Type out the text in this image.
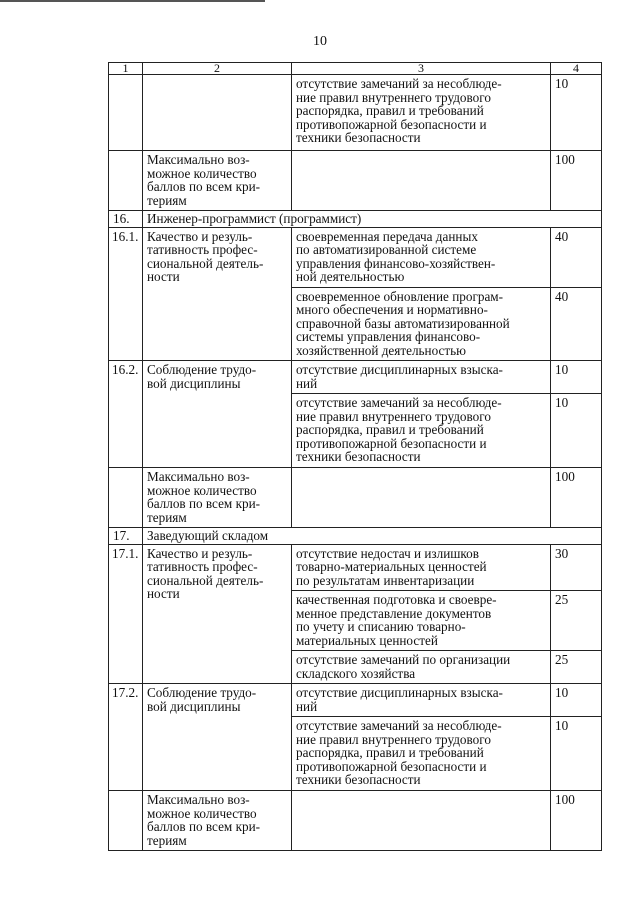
10
1	2	3	4
		отсутствие замечаний за несоблюде-
ние правил внутреннего трудового
распорядка, правил и требований
противопожарной безопасности и
техники безопасности	10
	Максимально воз-
можное количество
баллов по всем кри-
териям		100
16.	Инженер-программист (программист)		
16.1.	Качество и резуль-
тативность профес-
сиональной деятель-
ности	своевременная передача данных
по автоматизированной системе
управления финансово-хозяйствен-
ной деятельностью	40
		своевременное обновление програм-
много обеспечения и нормативно-
справочной базы автоматизированной
системы управления финансово-
хозяйственной деятельностью	40
16.2.	Соблюдение трудо-
вой дисциплины	отсутствие дисциплинарных взыска-
ний	10
		отсутствие замечаний за несоблюде-
ние правил внутреннего трудового
распорядка, правил и требований
противопожарной безопасности и
техники безопасности	10
	Максимально воз-
можное количество
баллов по всем кри-
териям		100
17.	Заведующий складом		
17.1.	Качество и резуль-
тативность профес-
сиональной деятель-
ности	отсутствие недостач и излишков
товарно-материальных ценностей
по результатам инвентаризации	30
		качественная подготовка и своевре-
менное представление документов
по учету и списанию товарно-
материальных ценностей	25
		отсутствие замечаний по организации
складского хозяйства	25
17.2.	Соблюдение трудо-
вой дисциплины	отсутствие дисциплинарных взыска-
ний	10
		отсутствие замечаний за несоблюде-
ние правил внутреннего трудового
распорядка, правил и требований
противопожарной безопасности и
техники безопасности	10
	Максимально воз-
можное количество
баллов по всем кри-
териям		100
